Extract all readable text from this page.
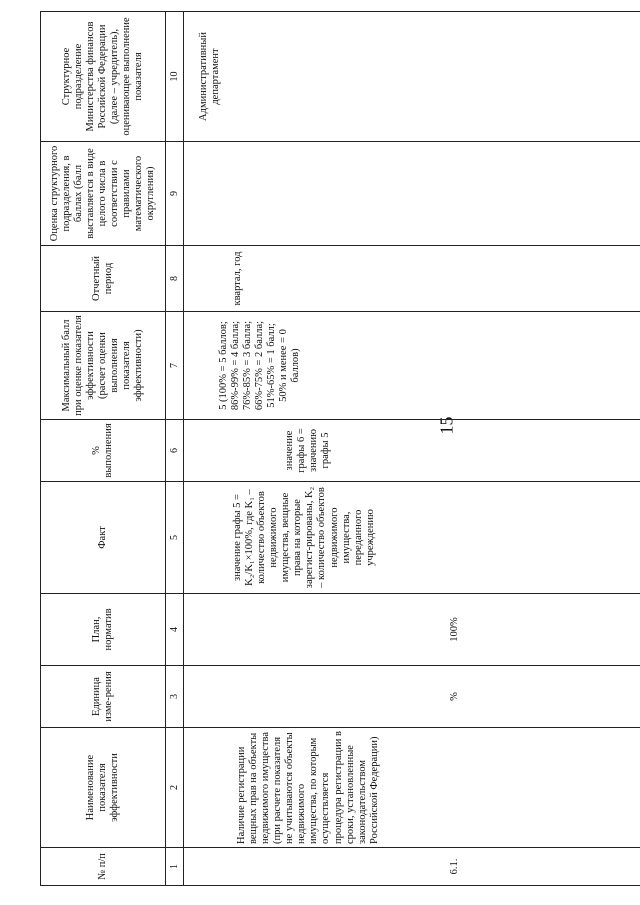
15
№ п/п	Наименование показателя эффективности	Единица изме-рения	План, норматив	Факт	% выполнения	Максимальный балл при оценке показателя эффективности (расчет оценки выполнения показателя эффективности)	Отчетный период	Оценка структурного подразделения, в баллах (балл выставляется в виде целого числа в соответствии с правилами математического округления)	Структурное подразделение Министерства финансов Российской Федерации (далее – учредитель), оценивающее выполнение показателя
1	2	3	4	5	6	7	8	9	10
6.1.	Наличие регистрации вещных прав на объекты недвижимого имущества (при расчете показателя не учитываются объекты недвижимого имущества, по которым осуществляется процедура регистрации в сроки, установленные законодательством Российской Федерации)	%	100%	значение графы 5 = K₂/K₁×100%, где K₁ – количество объектов недвижимого имущества, вещные права на которые зарегист-рированы, K₂ – количество объектов недвижимого имущества, переданного учреждению	значение графы 6 = значению графы 5	5 (100% = 5 баллов; 86%-99% = 4 балла; 76%-85% = 3 балла; 66%-75% = 2 балла; 51%-65% = 1 балл; 50% и менее = 0 баллов)	квартал, год		Административный департамент
